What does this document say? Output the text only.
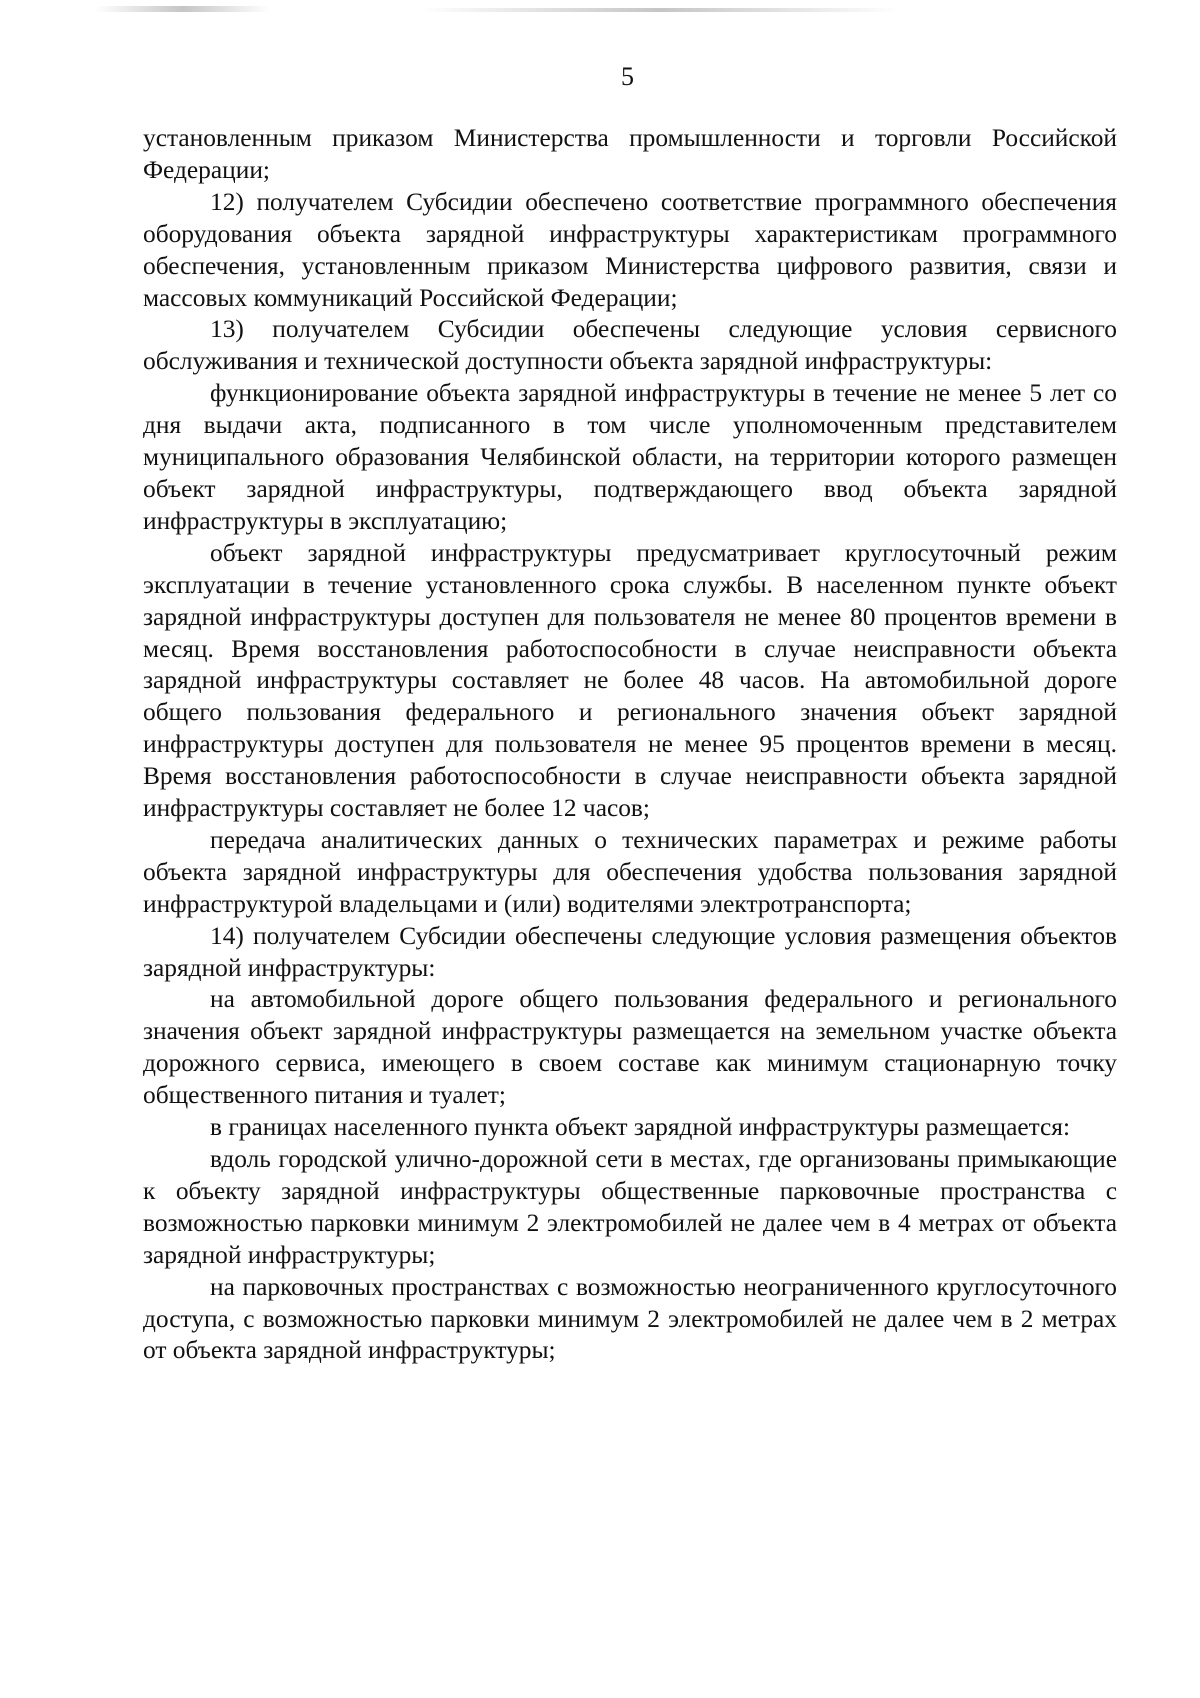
5

установленным приказом Министерства промышленности и торговли Российской Федерации;

12) получателем Субсидии обеспечено соответствие программного обеспечения оборудования объекта зарядной инфраструктуры характеристикам программного обеспечения, установленным приказом Министерства цифрового развития, связи и массовых коммуникаций Российской Федерации;

13) получателем Субсидии обеспечены следующие условия сервисного обслуживания и технической доступности объекта зарядной инфраструктуры:

функционирование объекта зарядной инфраструктуры в течение не менее 5 лет со дня выдачи акта, подписанного в том числе уполномоченным представителем муниципального образования Челябинской области, на территории которого размещен объект зарядной инфраструктуры, подтверждающего ввод объекта зарядной инфраструктуры в эксплуатацию;

объект зарядной инфраструктуры предусматривает круглосуточный режим эксплуатации в течение установленного срока службы. В населенном пункте объект зарядной инфраструктуры доступен для пользователя не менее 80 процентов времени в месяц. Время восстановления работоспособности в случае неисправности объекта зарядной инфраструктуры составляет не более 48 часов. На автомобильной дороге общего пользования федерального и регионального значения объект зарядной инфраструктуры доступен для пользователя не менее 95 процентов времени в месяц. Время восстановления работоспособности в случае неисправности объекта зарядной инфраструктуры составляет не более 12 часов;

передача аналитических данных о технических параметрах и режиме работы объекта зарядной инфраструктуры для обеспечения удобства пользования зарядной инфраструктурой владельцами и (или) водителями электротранспорта;

14) получателем Субсидии обеспечены следующие условия размещения объектов зарядной инфраструктуры:

на автомобильной дороге общего пользования федерального и регионального значения объект зарядной инфраструктуры размещается на земельном участке объекта дорожного сервиса, имеющего в своем составе как минимум стационарную точку общественного питания и туалет;

в границах населенного пункта объект зарядной инфраструктуры размещается:

вдоль городской улично-дорожной сети в местах, где организованы примыкающие к объекту зарядной инфраструктуры общественные парковочные пространства с возможностью парковки минимум 2 электромобилей не далее чем в 4 метрах от объекта зарядной инфраструктуры;

на парковочных пространствах с возможностью неограниченного круглосуточного доступа, с возможностью парковки минимум 2 электромобилей не далее чем в 2 метрах от объекта зарядной инфраструктуры;
